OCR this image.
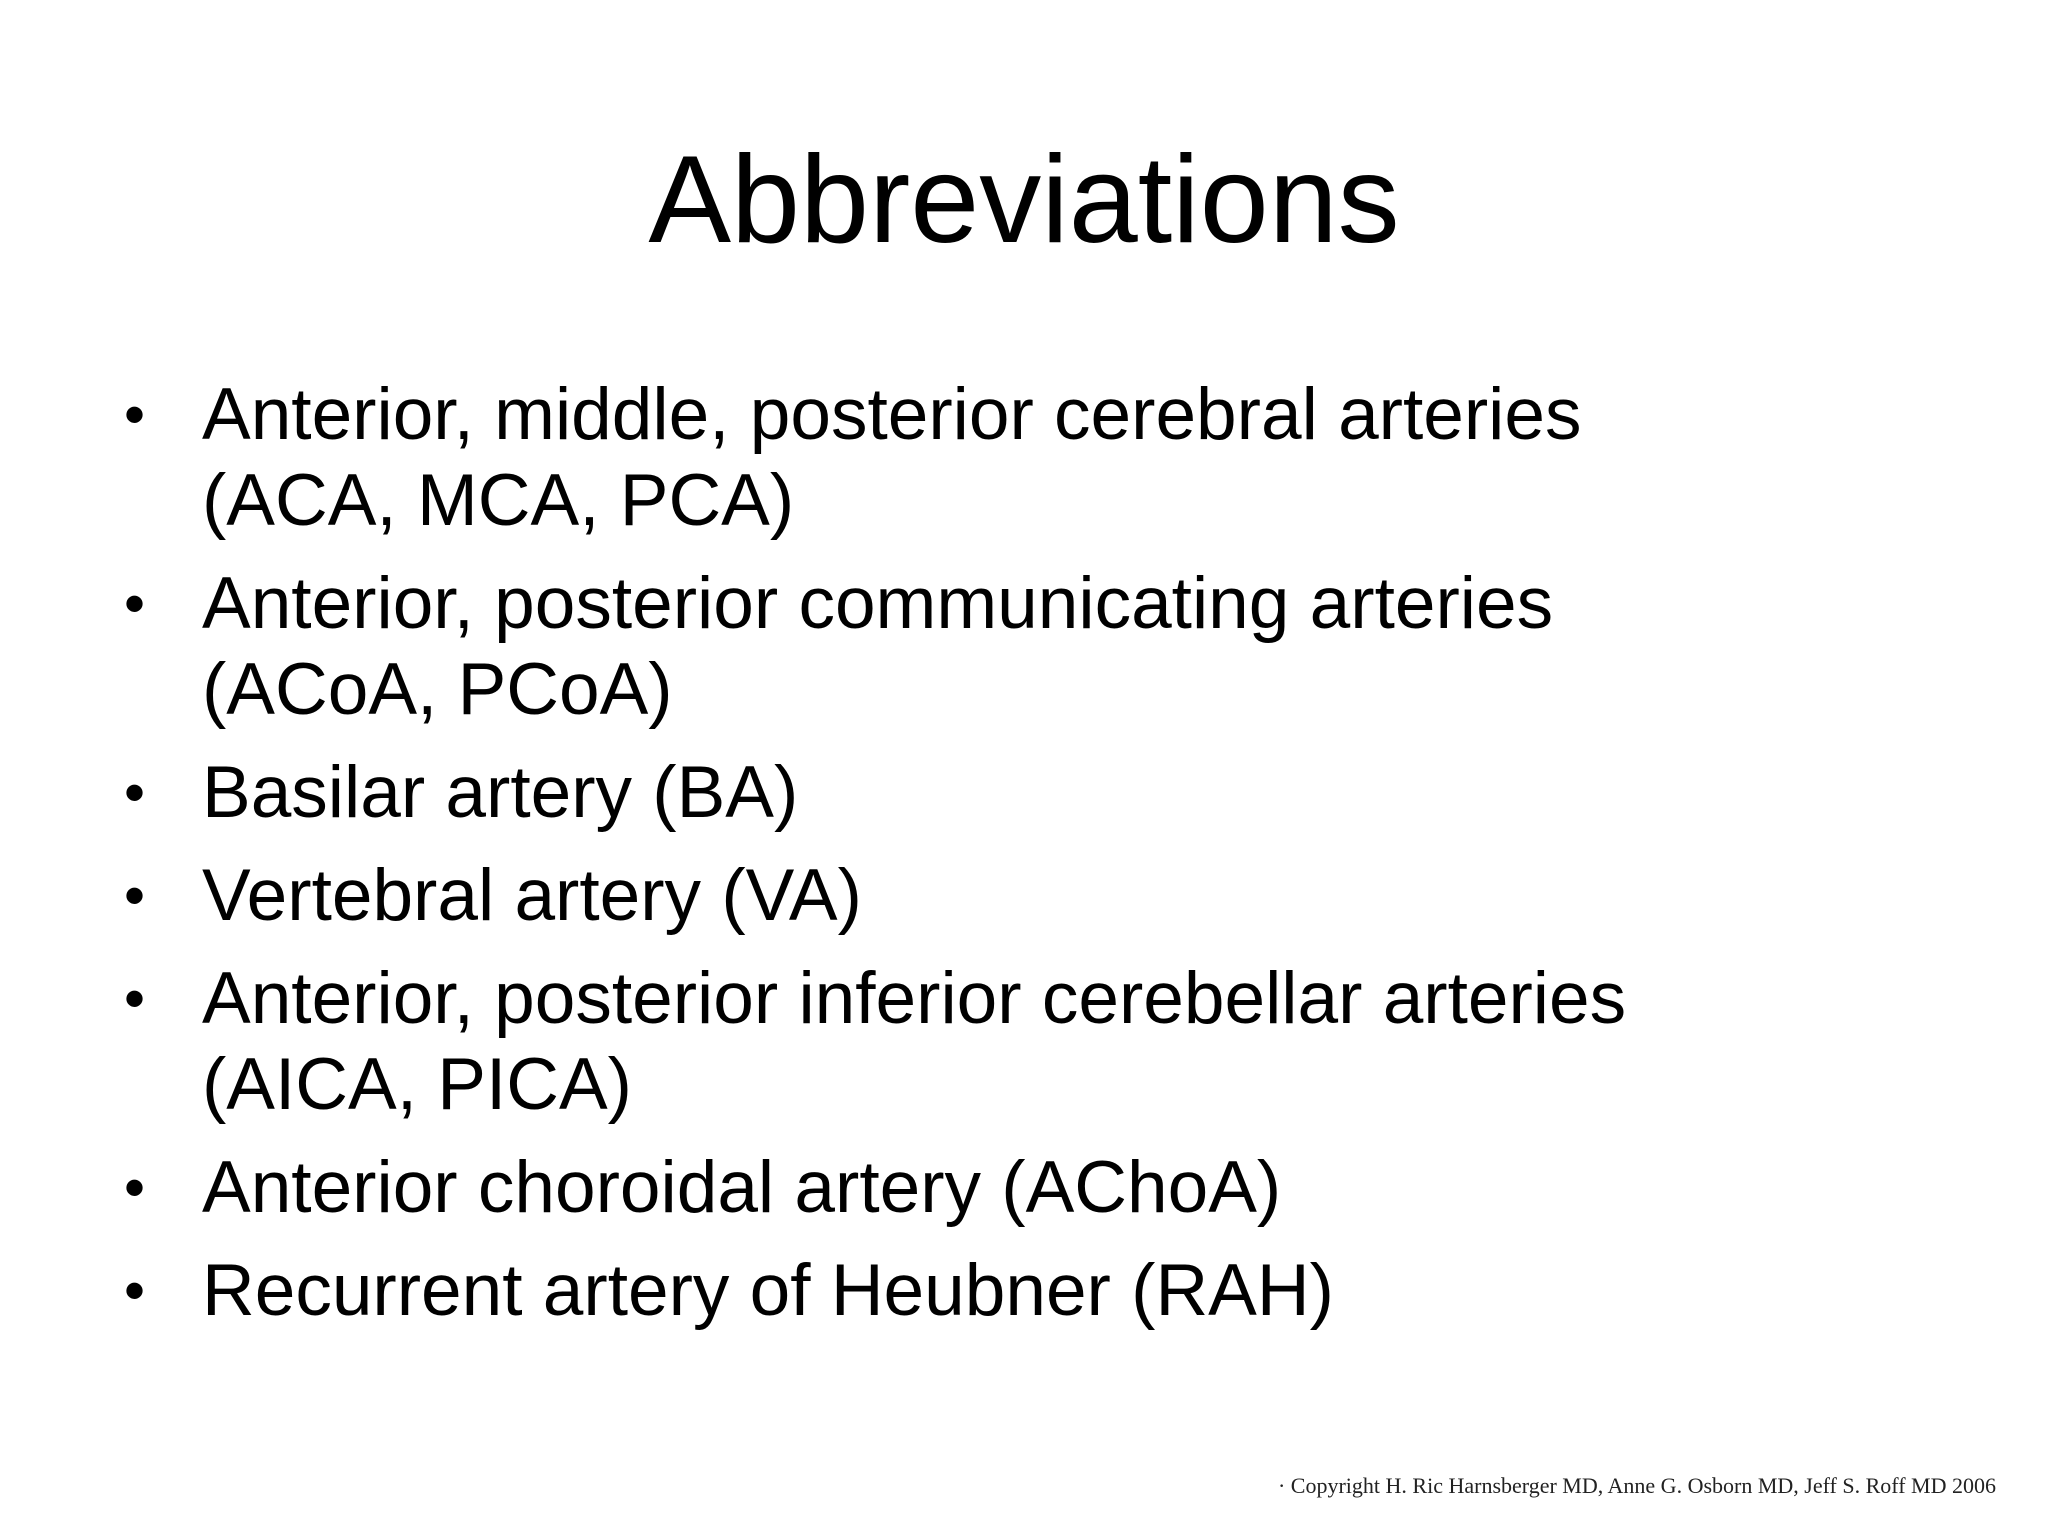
Abbreviations
• Anterior, middle, posterior cerebral arteries
(ACA, MCA, PCA)
• Anterior, posterior communicating arteries
(ACoA, PCoA)
• Basilar artery (BA)
• Vertebral artery (VA)
• Anterior, posterior inferior cerebellar arteries
(AICA, PICA)
• Anterior choroidal artery (AChoA)
• Recurrent artery of Heubner (RAH)
· Copyright H. Ric Harnsberger MD, Anne G. Osborn MD, Jeff S. Roff MD 2006
